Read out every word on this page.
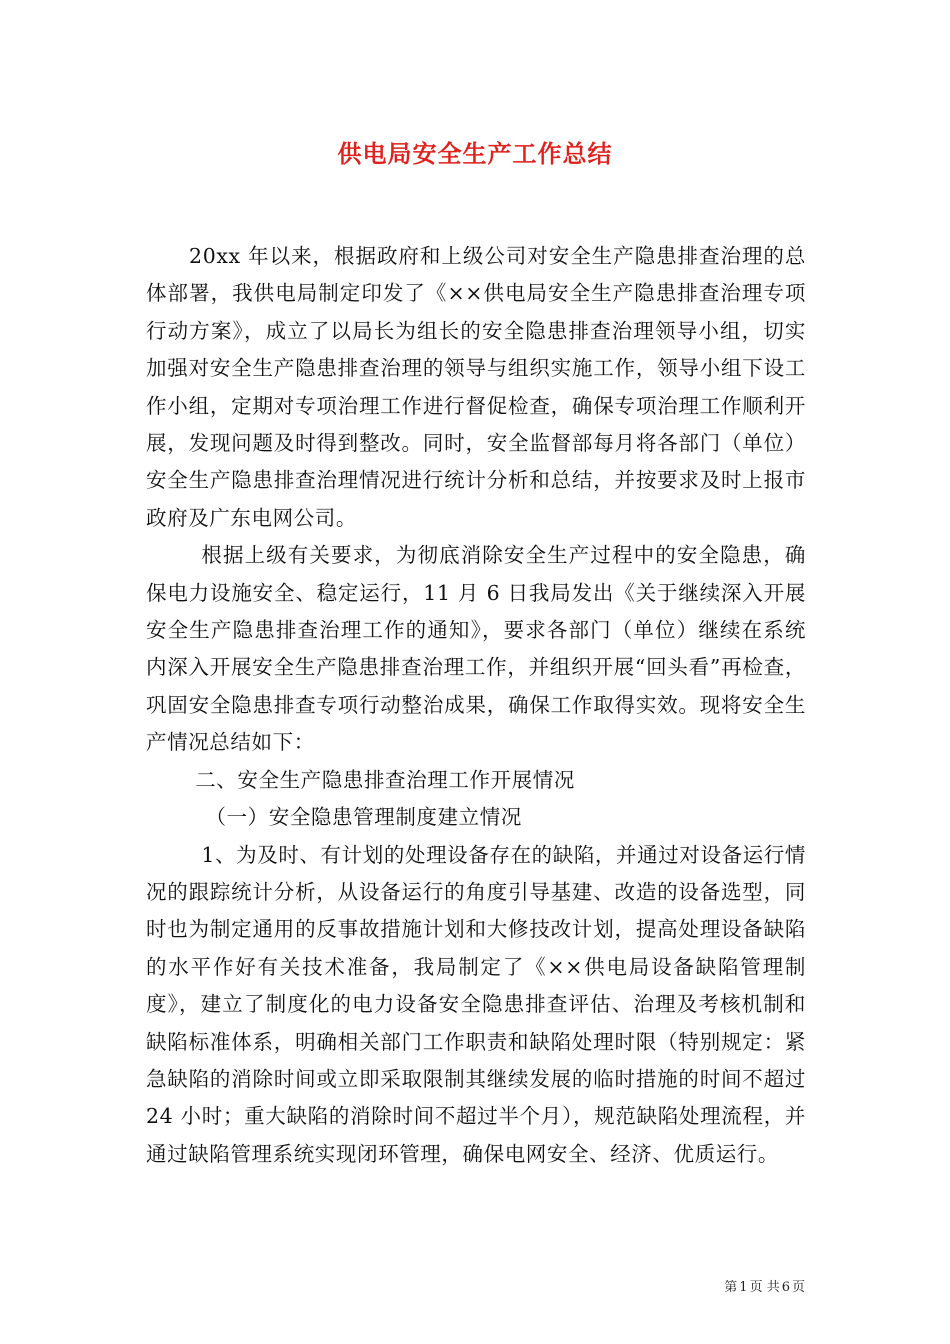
供电局安全生产工作总结

20xx 年以来，根据政府和上级公司对安全生产隐患排查治理的总体部署，我供电局制定印发了《××供电局安全生产隐患排查治理专项行动方案》，成立了以局长为组长的安全隐患排查治理领导小组，切实加强对安全生产隐患排查治理的领导与组织实施工作，领导小组下设工作小组，定期对专项治理工作进行督促检查，确保专项治理工作顺利开展，发现问题及时得到整改。同时，安全监督部每月将各部门（单位）安全生产隐患排查治理情况进行统计分析和总结，并按要求及时上报市政府及广东电网公司。

根据上级有关要求，为彻底消除安全生产过程中的安全隐患，确保电力设施安全、稳定运行，11 月 6 日我局发出《关于继续深入开展安全生产隐患排查治理工作的通知》，要求各部门（单位）继续在系统内深入开展安全生产隐患排查治理工作，并组织开展“回头看”再检查，巩固安全隐患排查专项行动整治成果，确保工作取得实效。现将安全生产情况总结如下：

二、安全生产隐患排查治理工作开展情况

（一）安全隐患管理制度建立情况

1、为及时、有计划的处理设备存在的缺陷，并通过对设备运行情况的跟踪统计分析，从设备运行的角度引导基建、改造的设备选型，同时也为制定通用的反事故措施计划和大修技改计划，提高处理设备缺陷的水平作好有关技术准备，我局制定了《××供电局设备缺陷管理制度》，建立了制度化的电力设备安全隐患排查评估、治理及考核机制和缺陷标准体系，明确相关部门工作职责和缺陷处理时限（特别规定：紧急缺陷的消除时间或立即采取限制其继续发展的临时措施的时间不超过 24 小时；重大缺陷的消除时间不超过半个月），规范缺陷处理流程，并通过缺陷管理系统实现闭环管理，确保电网安全、经济、优质运行。

第 1 页 共 6 页
